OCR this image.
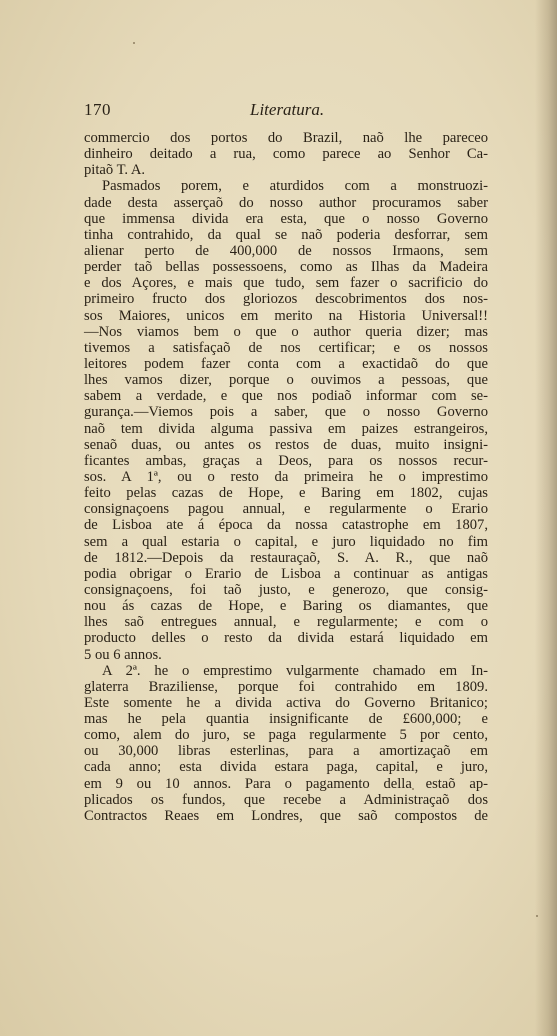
170	Literatura.
commercio dos portos do Brazil, naõ lhe pareceo
dinheiro deitado a rua, como parece ao Senhor Ca-
pitaõ T. A.
Pasmados porem, e aturdidos com a monstruozi-
dade desta asserçaõ do nosso author procuramos saber
que immensa divida era esta, que o nosso Governo
tinha contrahido, da qual se naõ poderia desforrar, sem
alienar perto de 400,000 de nossos Irmaons, sem
perder taõ bellas possessoens, como as Ilhas da Madeira
e dos Açores, e mais que tudo, sem fazer o sacrificio do
primeiro fructo dos gloriozos descobrimentos dos nos-
sos Maiores, unicos em merito na Historia Universal!!
—Nos viamos bem o que o author queria dizer; mas
tivemos a satisfaçaõ de nos certificar; e os nossos
leitores podem fazer conta com a exactidaõ do que
lhes vamos dizer, porque o ouvimos a pessoas, que
sabem a verdade, e que nos podiaõ informar com se-
gurança.—Viemos pois a saber, que o nosso Governo
naõ tem divida alguma passiva em paizes estrangeiros,
senaõ duas, ou antes os restos de duas, muito insigni-
ficantes ambas, graças a Deos, para os nossos recur-
sos. A 1ª, ou o resto da primeira he o imprestimo
feito pelas cazas de Hope, e Baring em 1802, cujas
consignaçoens pagou annual, e regularmente o Erario
de Lisboa ate á época da nossa catastrophe em 1807,
sem a qual estaria o capital, e juro liquidado no fim
de 1812.—Depois da restauraçaõ, S. A. R., que naõ
podia obrigar o Erario de Lisboa a continuar as antigas
consignaçoens, foi taõ justo, e generozo, que consig-
nou ás cazas de Hope, e Baring os diamantes, que
lhes saõ entregues annual, e regularmente; e com o
producto delles o resto da divida estará liquidado em
5 ou 6 annos.
A 2ª. he o emprestimo vulgarmente chamado em In-
glaterra Braziliense, porque foi contrahido em 1809.
Este somente he a divida activa do Governo Britanico;
mas he pela quantia insignificante de £600,000; e
como, alem do juro, se paga regularmente 5 por cento,
ou 30,000 libras esterlinas, para a amortizaçaõ em
cada anno; esta divida estara paga, capital, e juro,
em 9 ou 10 annos. Para o pagamento della estaõ ap-
plicados os fundos, que recebe a Administraçaõ dos
Contractos Reaes em Londres, que saõ compostos de
